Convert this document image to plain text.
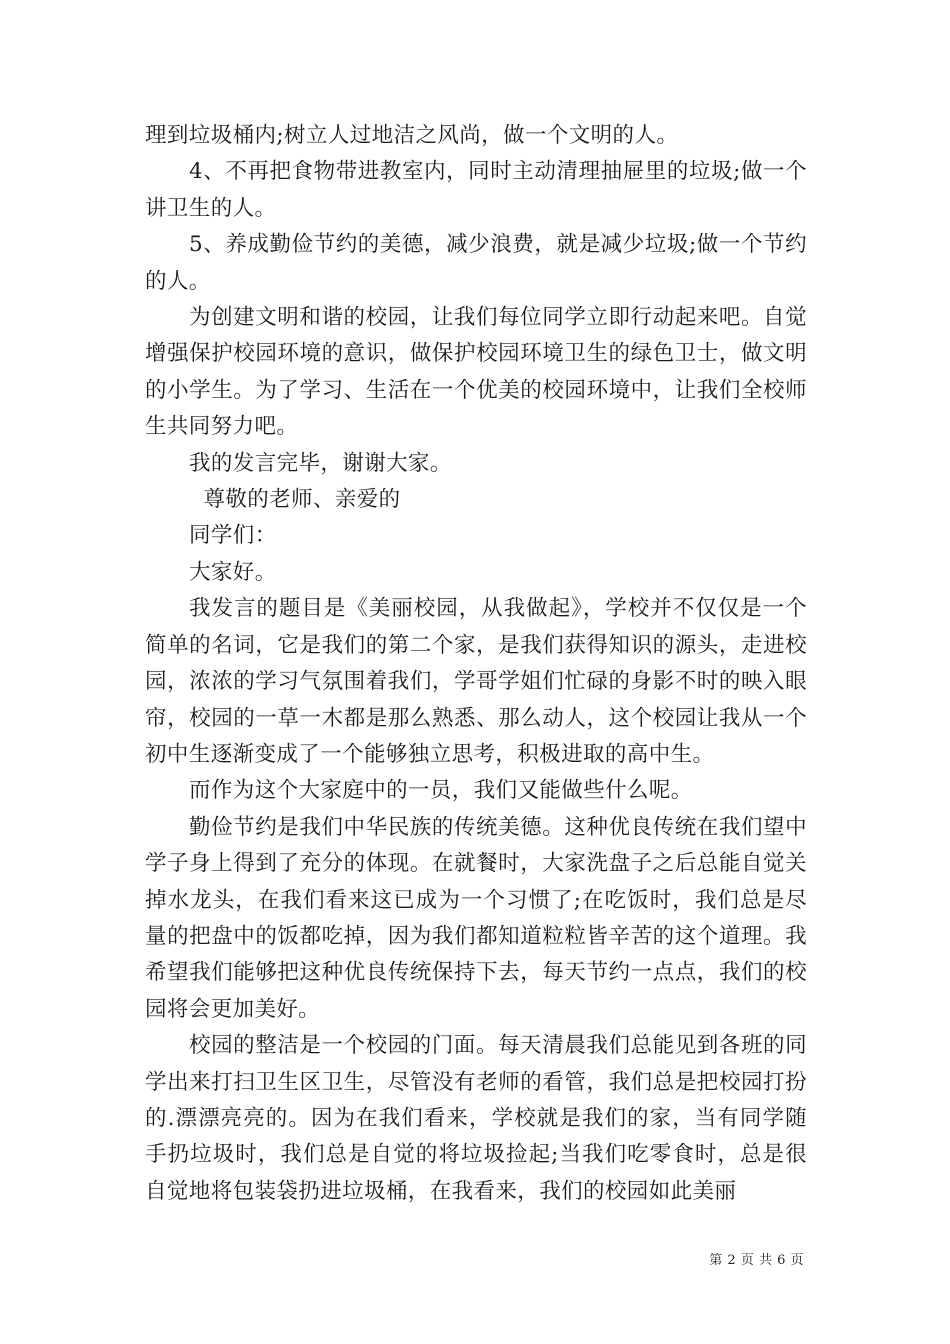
理到垃圾桶内;树立人过地洁之风尚，做一个文明的人。

4、不再把食物带进教室内，同时主动清理抽屉里的垃圾;做一个讲卫生的人。

5、养成勤俭节约的美德，减少浪费，就是减少垃圾;做一个节约的人。

为创建文明和谐的校园，让我们每位同学立即行动起来吧。自觉增强保护校园环境的意识，做保护校园环境卫生的绿色卫士，做文明的小学生。为了学习、生活在一个优美的校园环境中，让我们全校师生共同努力吧。

我的发言完毕，谢谢大家。

尊敬的老师、亲爱的

同学们：

大家好。

我发言的题目是《美丽校园，从我做起》，学校并不仅仅是一个简单的名词，它是我们的第二个家，是我们获得知识的源头，走进校园，浓浓的学习气氛围着我们，学哥学姐们忙碌的身影不时的映入眼帘，校园的一草一木都是那么熟悉、那么动人，这个校园让我从一个初中生逐渐变成了一个能够独立思考，积极进取的高中生。

而作为这个大家庭中的一员，我们又能做些什么呢。

勤俭节约是我们中华民族的传统美德。这种优良传统在我们望中学子身上得到了充分的体现。在就餐时，大家洗盘子之后总能自觉关掉水龙头，在我们看来这已成为一个习惯了;在吃饭时，我们总是尽量的把盘中的饭都吃掉，因为我们都知道粒粒皆辛苦的这个道理。我希望我们能够把这种优良传统保持下去，每天节约一点点，我们的校园将会更加美好。

校园的整洁是一个校园的门面。每天清晨我们总能见到各班的同学出来打扫卫生区卫生，尽管没有老师的看管，我们总是把校园打扮的.漂漂亮亮的。因为在我们看来，学校就是我们的家，当有同学随手扔垃圾时，我们总是自觉的将垃圾捡起;当我们吃零食时，总是很自觉地将包装袋扔进垃圾桶，在我看来，我们的校园如此美丽

第 2 页 共 6 页
